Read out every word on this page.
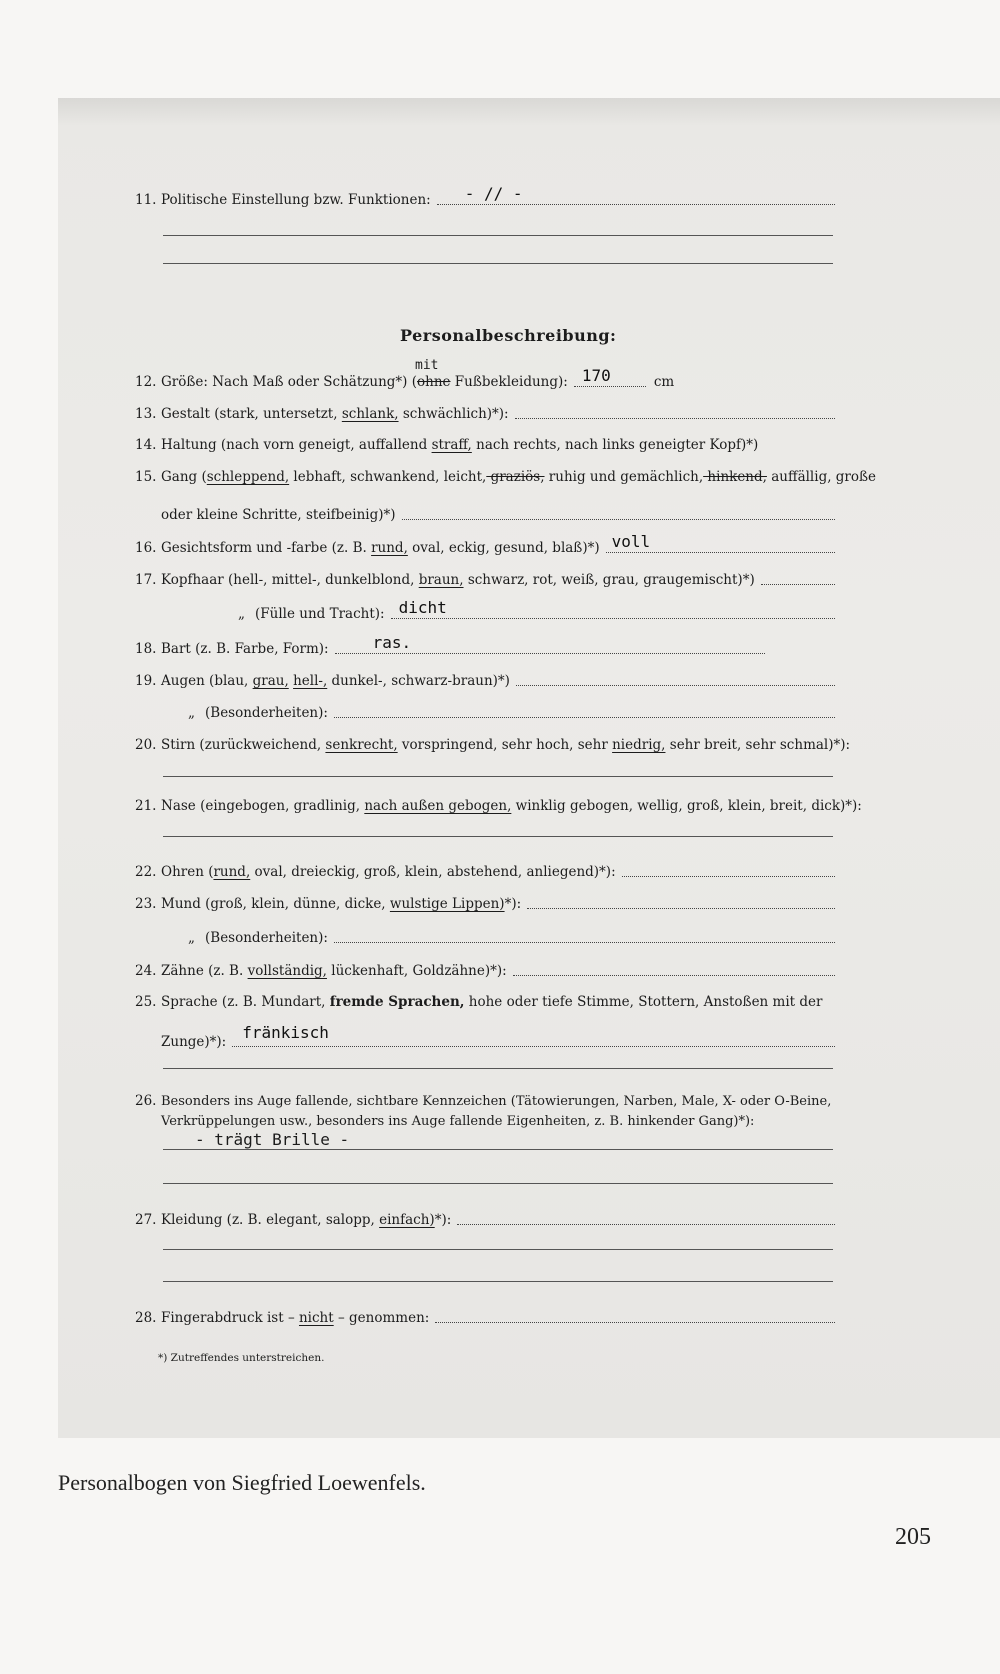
11. Politische Einstellung bzw. Funktionen: - // -
Personalbeschreibung:
12. Größe: Nach Maß oder Schätzung*) (ohne Fußbekleidung): 170	cm
mit
13. Gestalt (stark, untersetzt, schlank, schwächlich)*):
14. Haltung (nach vorn geneigt, auffallend straff, nach rechts, nach links geneigter Kopf)*)
15. Gang (schleppend, lebhaft, schwankend, leicht, graziös, ruhig und gemächlich, hinkend, auffällig, große
oder kleine Schritte, steifbeinig)*)
16. Gesichtsform und -farbe (z. B. rund, oval, eckig, gesund, blaß)*) voll
17. Kopfhaar (hell-, mittel-, dunkelblond, braun, schwarz, rot, weiß, grau, graugemischt)*)
„ (Fülle und Tracht): dicht
18. Bart (z. B. Farbe, Form):	ras.
19. Augen (blau, grau, hell-, dunkel-, schwarz-braun)*)
„ (Besonderheiten):
20. Stirn (zurückweichend, senkrecht, vorspringend, sehr hoch, sehr niedrig, sehr breit, sehr schmal)*):
21. Nase (eingebogen, gradlinig, nach außen gebogen, winklig gebogen, wellig, groß, klein, breit, dick)*):
22. Ohren (rund, oval, dreieckig, groß, klein, abstehend, anliegend)*):
23. Mund (groß, klein, dünne, dicke, wulstige Lippen)*):
„ (Besonderheiten):
24. Zähne (z. B. vollständig, lückenhaft, Goldzähne)*):
25. Sprache (z. B. Mundart, fremde Sprachen, hohe oder tiefe Stimme, Stottern, Anstoßen mit der
Zunge)*): fränkisch
26. Besonders ins Auge fallende, sichtbare Kennzeichen (Tätowierungen, Narben, Male, X- oder O-Beine,
Verkrüppelungen usw., besonders ins Auge fallende Eigenheiten, z. B. hinkender Gang)*):
- trägt Brille -
27. Kleidung (z. B. elegant, salopp, einfach)*):
28. Fingerabdruck ist – nicht – genommen:
*) Zutreffendes unterstreichen.
Personalbogen von Siegfried Loewenfels.
205
